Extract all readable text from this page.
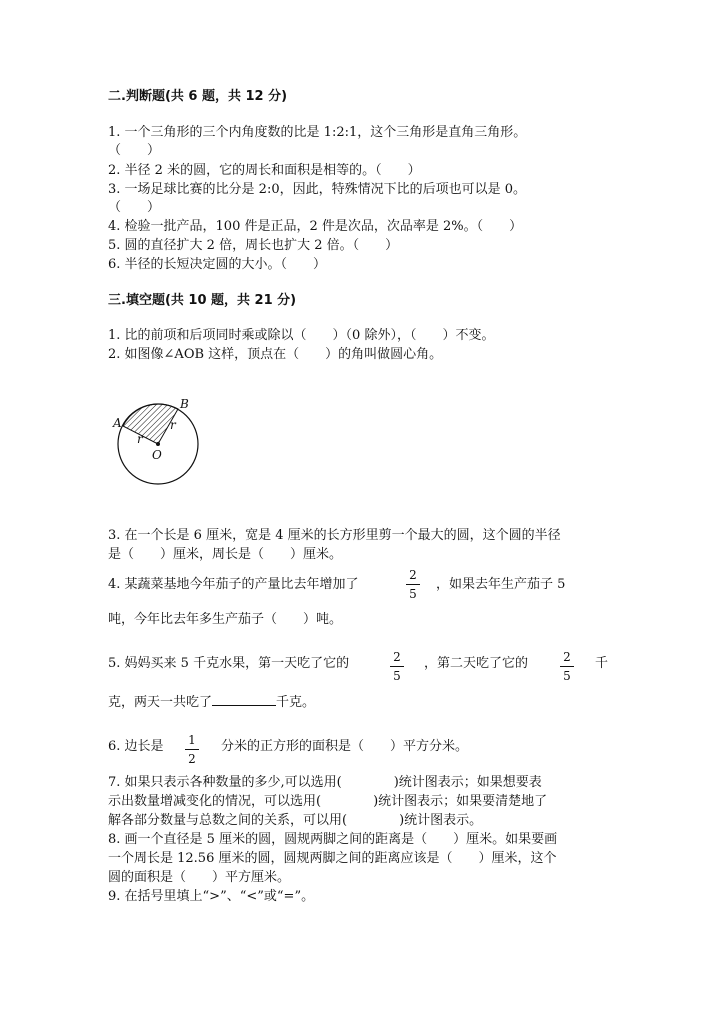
二.判断题(共 6 题，共 12 分)
1. 一个三角形的三个内角度数的比是 1:2:1，这个三角形是直角三角形。
（　　）
2. 半径 2 米的圆，它的周长和面积是相等的。（　　）
3. 一场足球比赛的比分是 2:0，因此，特殊情况下比的后项也可以是 0。
（　　）
4. 检验一批产品，100 件是正品，2 件是次品，次品率是 2%。（　　）
5. 圆的直径扩大 2 倍，周长也扩大 2 倍。（　　）
6. 半径的长短决定圆的大小。（　　）
三.填空题(共 10 题，共 21 分)
1. 比的前项和后项同时乘或除以（　　）（0 除外），（　　）不变。
2. 如图像∠AOB 这样，顶点在（　　）的角叫做圆心角。
A
B
O
r
r
3. 在一个长是 6 厘米，宽是 4 厘米的长方形里剪一个最大的圆，这个圆的半径
是（　　）厘米，周长是（　　）厘米。
4. 某蔬菜基地今年茄子的产量比去年增加了
2
5
，如果去年生产茄子 5
吨，今年比去年多生产茄子（　　）吨。
5. 妈妈买来 5 千克水果，第一天吃了它的	2
5
，第二天吃了它的	2
5
千
克，两天一共吃了	千克。
6. 边长是	1
2
分米的正方形的面积是（　　）平方分米。
7. 如果只表示各种数量的多少,可以选用(　　　　)统计图表示；如果想要表
示出数量增减变化的情况，可以选用(　　　　)统计图表示；如果要清楚地了
解各部分数量与总数之间的关系，可以用(　　　　)统计图表示。
8. 画一个直径是 5 厘米的圆，圆规两脚之间的距离是（　　）厘米。如果要画
一个周长是 12.56 厘米的圆，圆规两脚之间的距离应该是（　　）厘米，这个
圆的面积是（　　）平方厘米。
9. 在括号里填上“>”、“<”或“=”。
